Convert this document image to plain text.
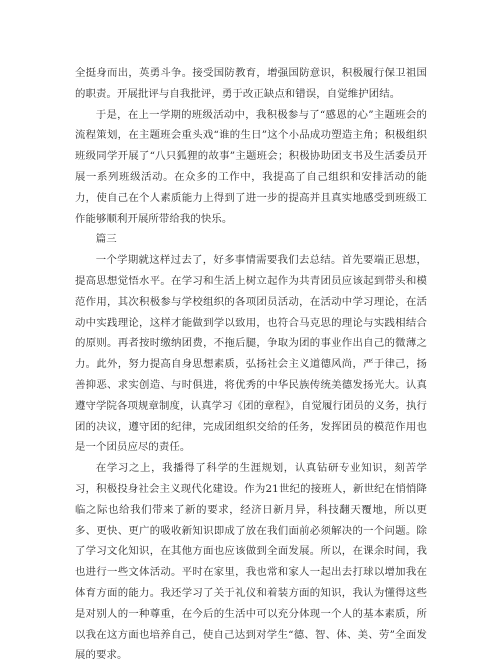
全挺身而出，英勇斗争。接受国防教育，增强国防意识，积极履行保卫祖国的职责。开展批评与自我批评，勇于改正缺点和错误，自觉维护团结。

于是，在上一学期的班级活动中，我积极参与了“感恩的心”主题班会的流程策划，在主题班会重头戏“谁的生日”这个小品成功塑造主角；积极组织班级同学开展了“八只狐狸的故事”主题班会；积极协助团支书及生活委员开展一系列班级活动。在众多的工作中，我提高了自己组织和安排活动的能力，使自己在个人素质能力上得到了进一步的提高并且真实地感受到班级工作能够顺利开展所带给我的快乐。

篇三

一个学期就这样过去了，好多事情需要我们去总结。首先要端正思想，提高思想觉悟水平。在学习和生活上树立起作为共青团员应该起到带头和模范作用，其次积极参与学校组织的各项团员活动，在活动中学习理论，在活动中实践理论，这样才能做到学以致用，也符合马克思的理论与实践相结合的原则。再者按时缴纳团费，不拖后腿，争取为团的事业作出自己的微薄之力。此外，努力提高自身思想素质，弘扬社会主义道德风尚，严于律己，扬善抑恶、求实创造、与时俱进，将优秀的中华民族传统美德发扬光大。认真遵守学院各项规章制度，认真学习《团的章程》，自觉履行团员的义务，执行团的决议，遵守团的纪律，完成团组织交给的任务，发挥团员的模范作用也是一个团员应尽的责任。

在学习之上，我播得了科学的生涯规划，认真钻研专业知识，刻苦学习，积极投身社会主义现代化建设。作为21世纪的接班人，新世纪在悄悄降临之际也给我们带来了新的要求，经济日新月异，科技翻天覆地，所以更多、更快、更广的吸收新知识即成了放在我们面前必须解决的一个问题。除了学习文化知识，在其他方面也应该做到全面发展。所以，在课余时间，我也进行一些文体活动。平时在家里，我也常和家人一起出去打球以增加我在体育方面的能力。我还学习了关于礼仪和着装方面的知识，我认为懂得这些是对别人的一种尊重，在今后的生活中可以充分体现一个人的基本素质，所以我在这方面也培养自己，使自己达到对学生“德、智、体、美、劳”全面发展的要求。
